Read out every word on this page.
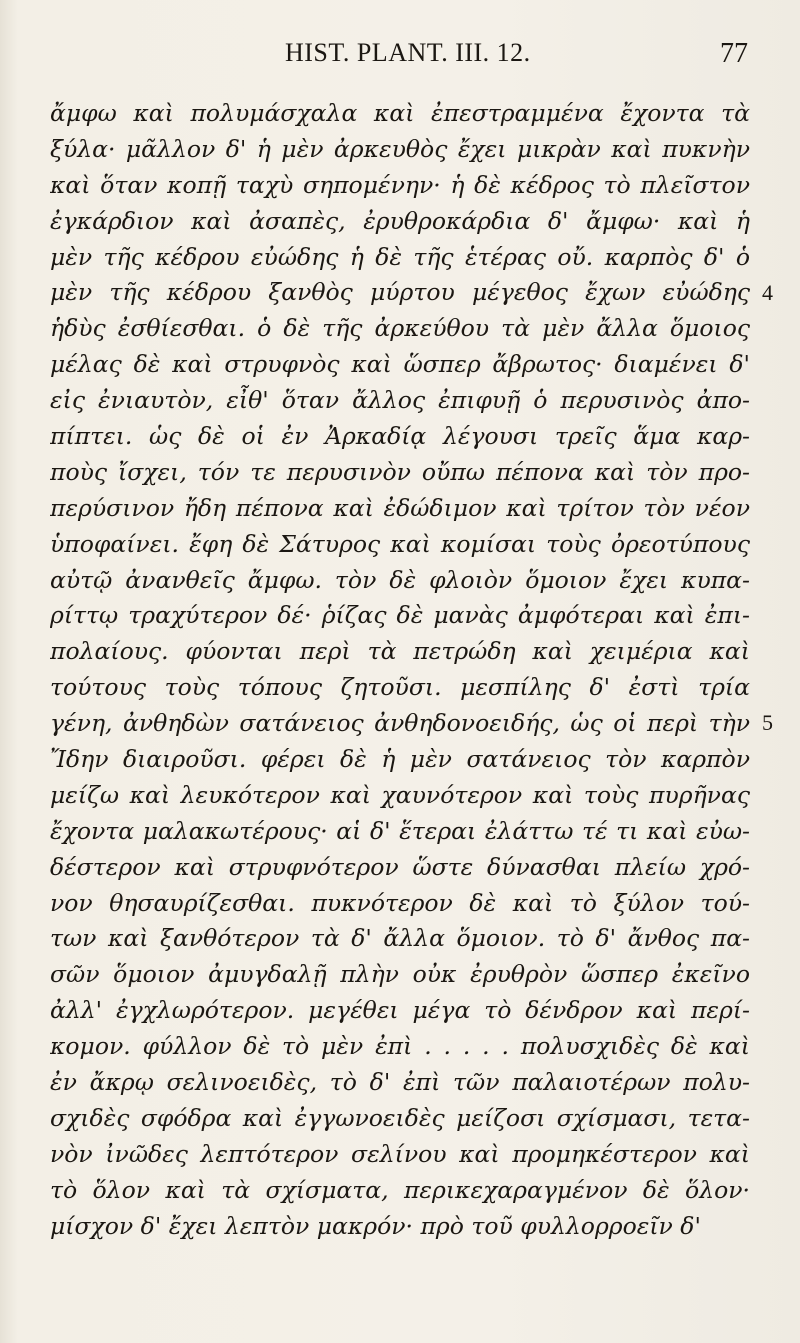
HIST. PLANT. III. 12.	77
ἄμφω καὶ πολυμάσχαλα καὶ ἐπεστραμμένα ἔχοντα τὰ
ξύλα· μᾶλλον δ' ἡ μὲν ἀρκευθὸς ἔχει μικρὰν καὶ πυκνὴν
καὶ ὅταν κοπῇ ταχὺ σηπομένην· ἡ δὲ κέδρος τὸ πλεῖστον
ἐγκάρδιον καὶ ἀσαπὲς, ἐρυθροκάρδια δ' ἄμφω· καὶ ἡ
μὲν τῆς κέδρου εὐώδης ἡ δὲ τῆς ἑτέρας οὔ. καρπὸς δ' ὁ
μὲν τῆς κέδρου ξανθὸς μύρτου μέγεθος ἔχων εὐώδης
ἡδὺς ἐσθίεσθαι. ὁ δὲ τῆς ἀρκεύθου τὰ μὲν ἄλλα ὅμοιος
μέλας δὲ καὶ στρυφνὸς καὶ ὥσπερ ἄβρωτος· διαμένει δ'
εἰς ἐνιαυτὸν, εἶθ' ὅταν ἄλλος ἐπιφυῇ ὁ περυσινὸς ἀπο-
πίπτει. ὡς δὲ οἱ ἐν Ἀρκαδίᾳ λέγουσι τρεῖς ἅμα καρ-
ποὺς ἴσχει, τόν τε περυσινὸν οὔπω πέπονα καὶ τὸν προ-
περύσινον ἤδη πέπονα καὶ ἐδώδιμον καὶ τρίτον τὸν νέον
ὑποφαίνει. ἔφη δὲ Σάτυρος καὶ κομίσαι τοὺς ὀρεοτύπους
αὐτῷ ἀνανθεῖς ἄμφω. τὸν δὲ φλοιὸν ὅμοιον ἔχει κυπα-
ρίττῳ τραχύτερον δέ· ῥίζας δὲ μανὰς ἀμφότεραι καὶ ἐπι-
πολαίους. φύονται περὶ τὰ πετρώδη καὶ χειμέρια καὶ
τούτους τοὺς τόπους ζητοῦσι. μεσπίλης δ' ἐστὶ τρία
γένη, ἀνθηδὼν σατάνειος ἀνθηδονοειδής, ὡς οἱ περὶ τὴν
Ἴδην διαιροῦσι. φέρει δὲ ἡ μὲν σατάνειος τὸν καρπὸν
μείζω καὶ λευκότερον καὶ χαυνότερον καὶ τοὺς πυρῆνας
ἔχοντα μαλακωτέρους· αἱ δ' ἕτεραι ἐλάττω τέ τι καὶ εὐω-
δέστερον καὶ στρυφνότερον ὥστε δύνασθαι πλείω χρό-
νον θησαυρίζεσθαι. πυκνότερον δὲ καὶ τὸ ξύλον τού-
των καὶ ξανθότερον τὰ δ' ἄλλα ὅμοιον. τὸ δ' ἄνθος πα-
σῶν ὅμοιον ἀμυγδαλῇ πλὴν οὐκ ἐρυθρὸν ὥσπερ ἐκεῖνο
ἀλλ' ἐγχλωρότερον. μεγέθει μέγα τὸ δένδρον καὶ περί-
κομον. φύλλον δὲ τὸ μὲν ἐπὶ . . . . . πολυσχιδὲς δὲ καὶ
ἐν ἄκρῳ σελινοειδὲς, τὸ δ' ἐπὶ τῶν παλαιοτέρων πολυ-
σχιδὲς σφόδρα καὶ ἐγγωνοειδὲς μείζοσι σχίσμασι, τετα-
νὸν ἰνῶδες λεπτότερον σελίνου καὶ προμηκέστερον καὶ
τὸ ὅλον καὶ τὰ σχίσματα, περικεχαραγμένον δὲ ὅλον·
μίσχον δ' ἔχει λεπτὸν μακρόν· πρὸ τοῦ φυλλορροεῖν δ'
4
5
